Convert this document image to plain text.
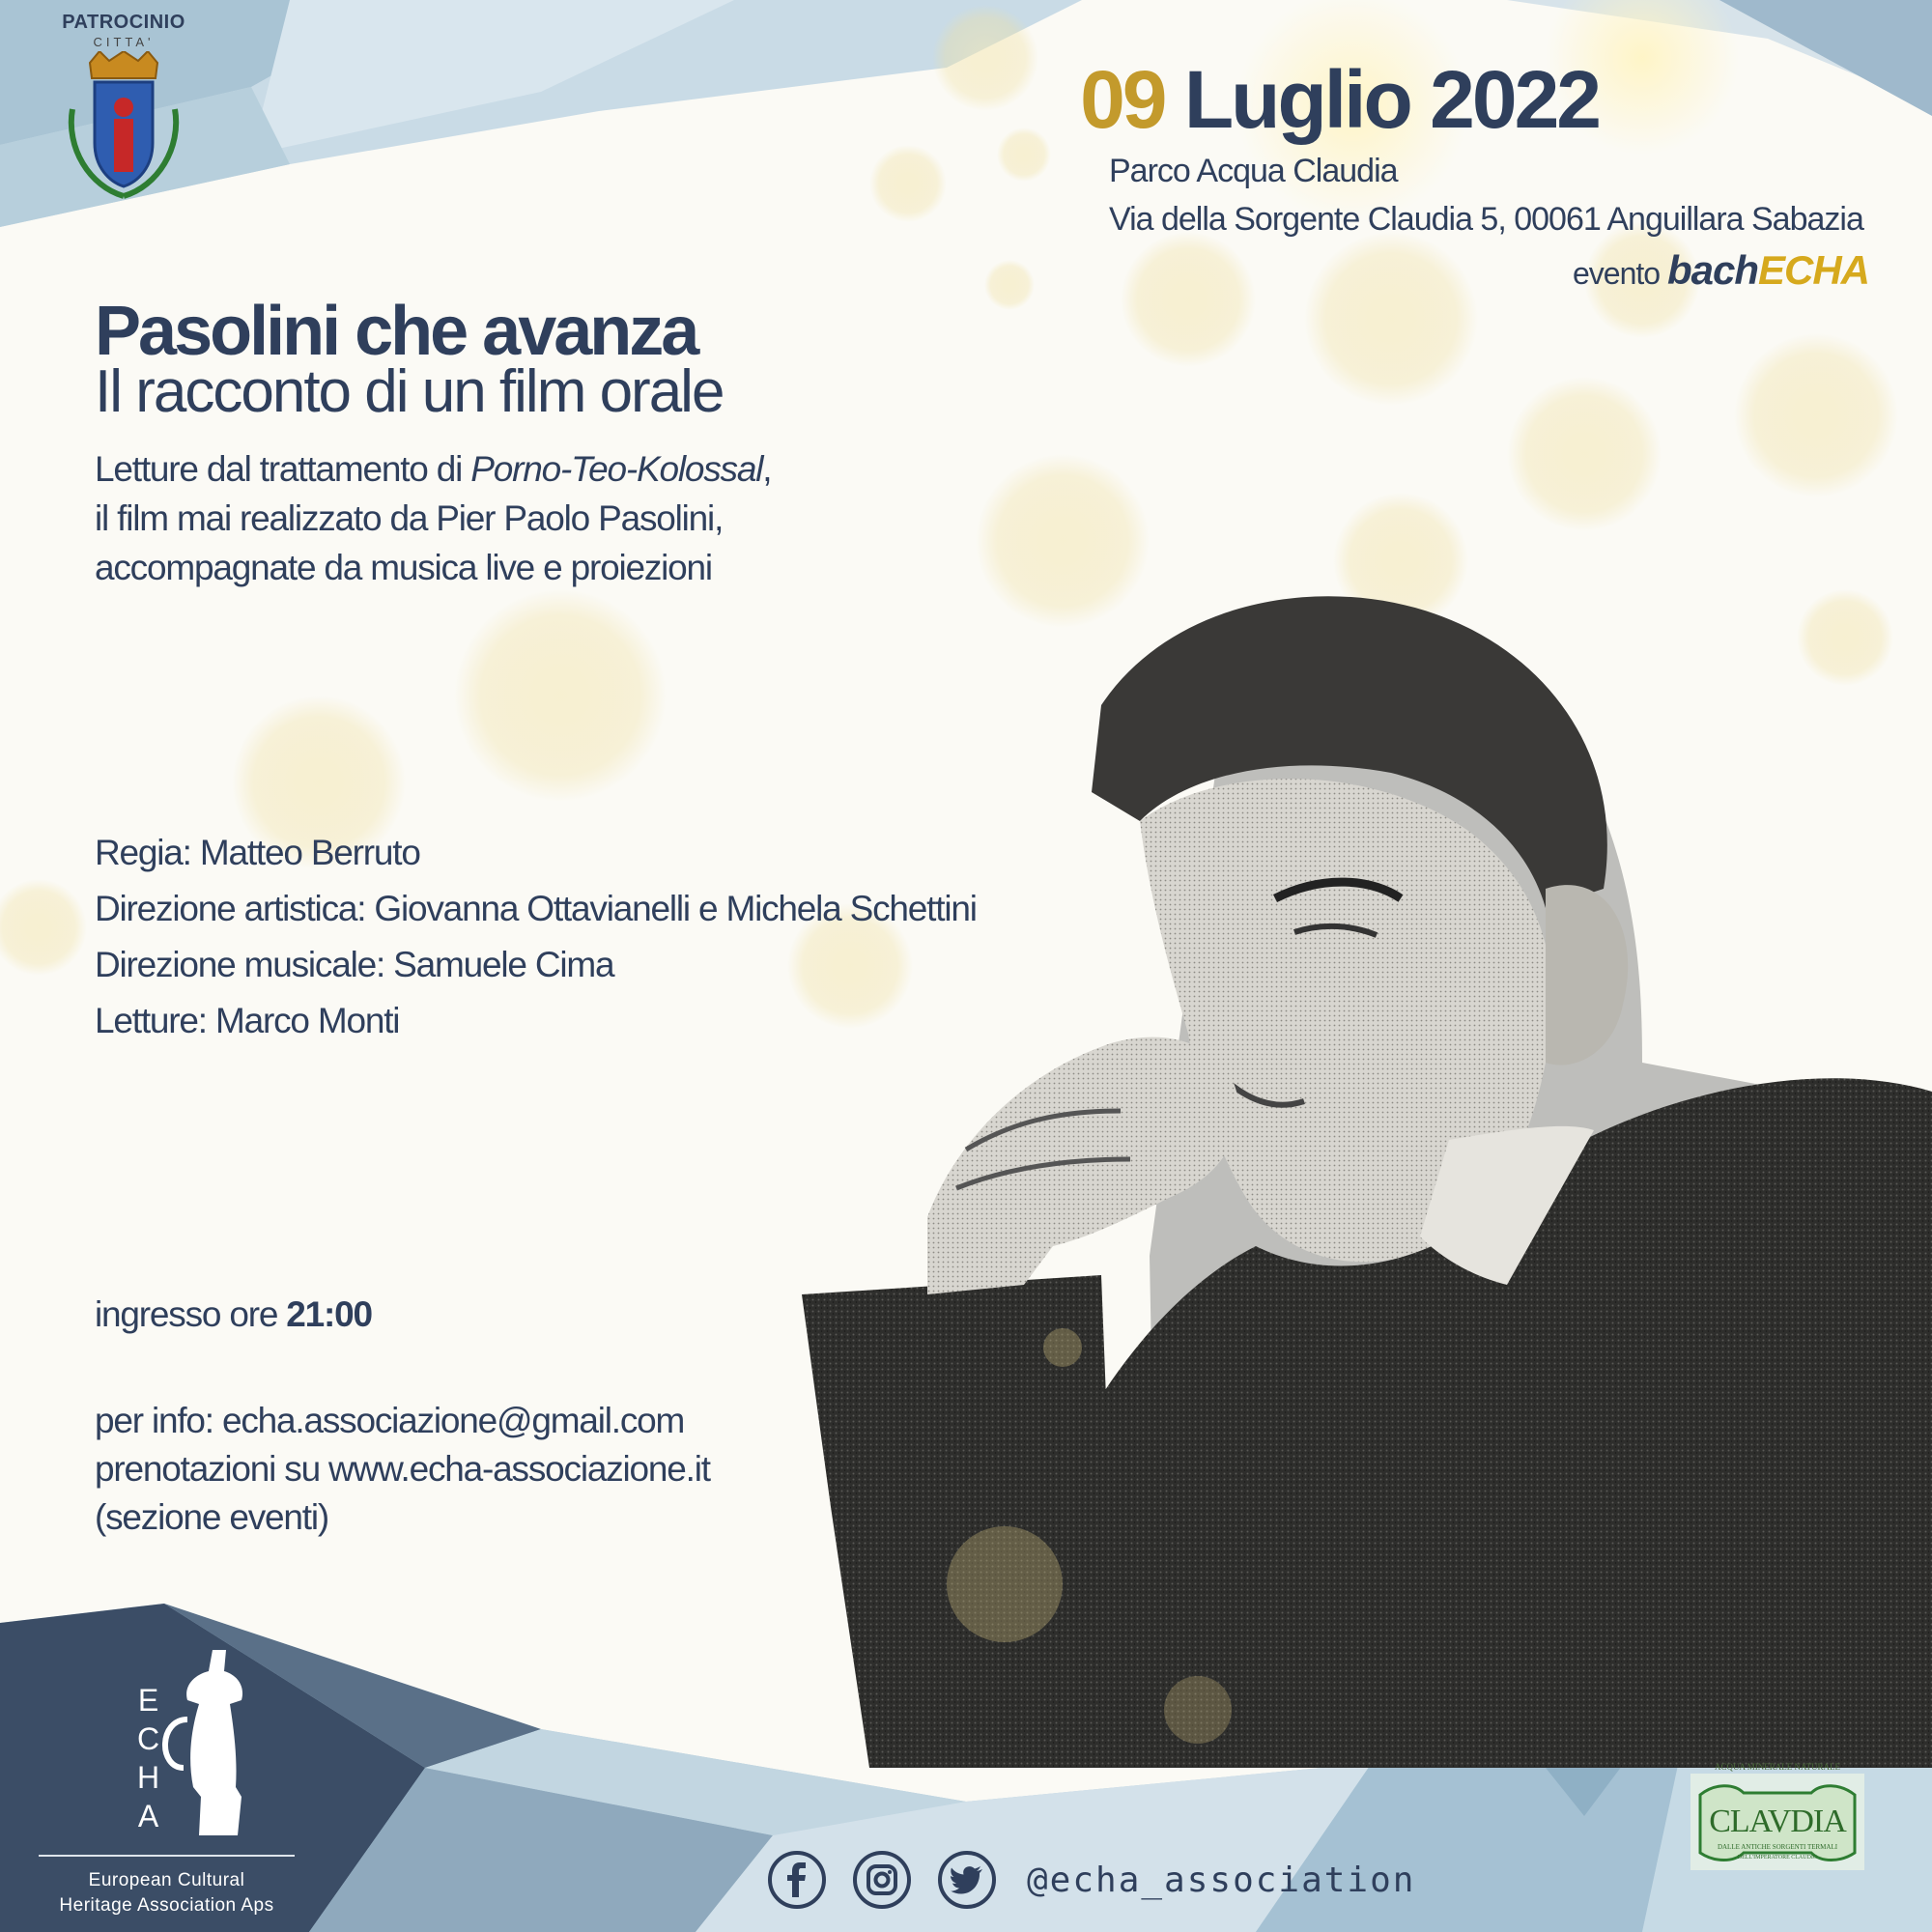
PATROCINIO
CITTA'
09 Luglio 2022
Parco Acqua Claudia
Via della Sorgente Claudia 5, 00061 Anguillara Sabazia
evento bachECHA
Pasolini che avanza
Il racconto di un film orale
Letture dal trattamento di Porno-Teo-Kolossal,
il film mai realizzato da Pier Paolo Pasolini,
accompagnate da musica live e proiezioni
Regia: Matteo Berruto
Direzione artistica: Giovanna Ottavianelli e Michela Schettini
Direzione musicale: Samuele Cima
Letture: Marco Monti
ingresso ore 21:00
per info: echa.associazione@gmail.com
prenotazioni su www.echa-associazione.it
(sezione eventi)
E
C
H
A
European Cultural
Heritage Association Aps
@echa_association
ACQUA MINERALE NATURALE
CLAVDIA
DALLE ANTICHE SORGENTI TERMALI
DELL'IMPERATORE CLAUDIO
